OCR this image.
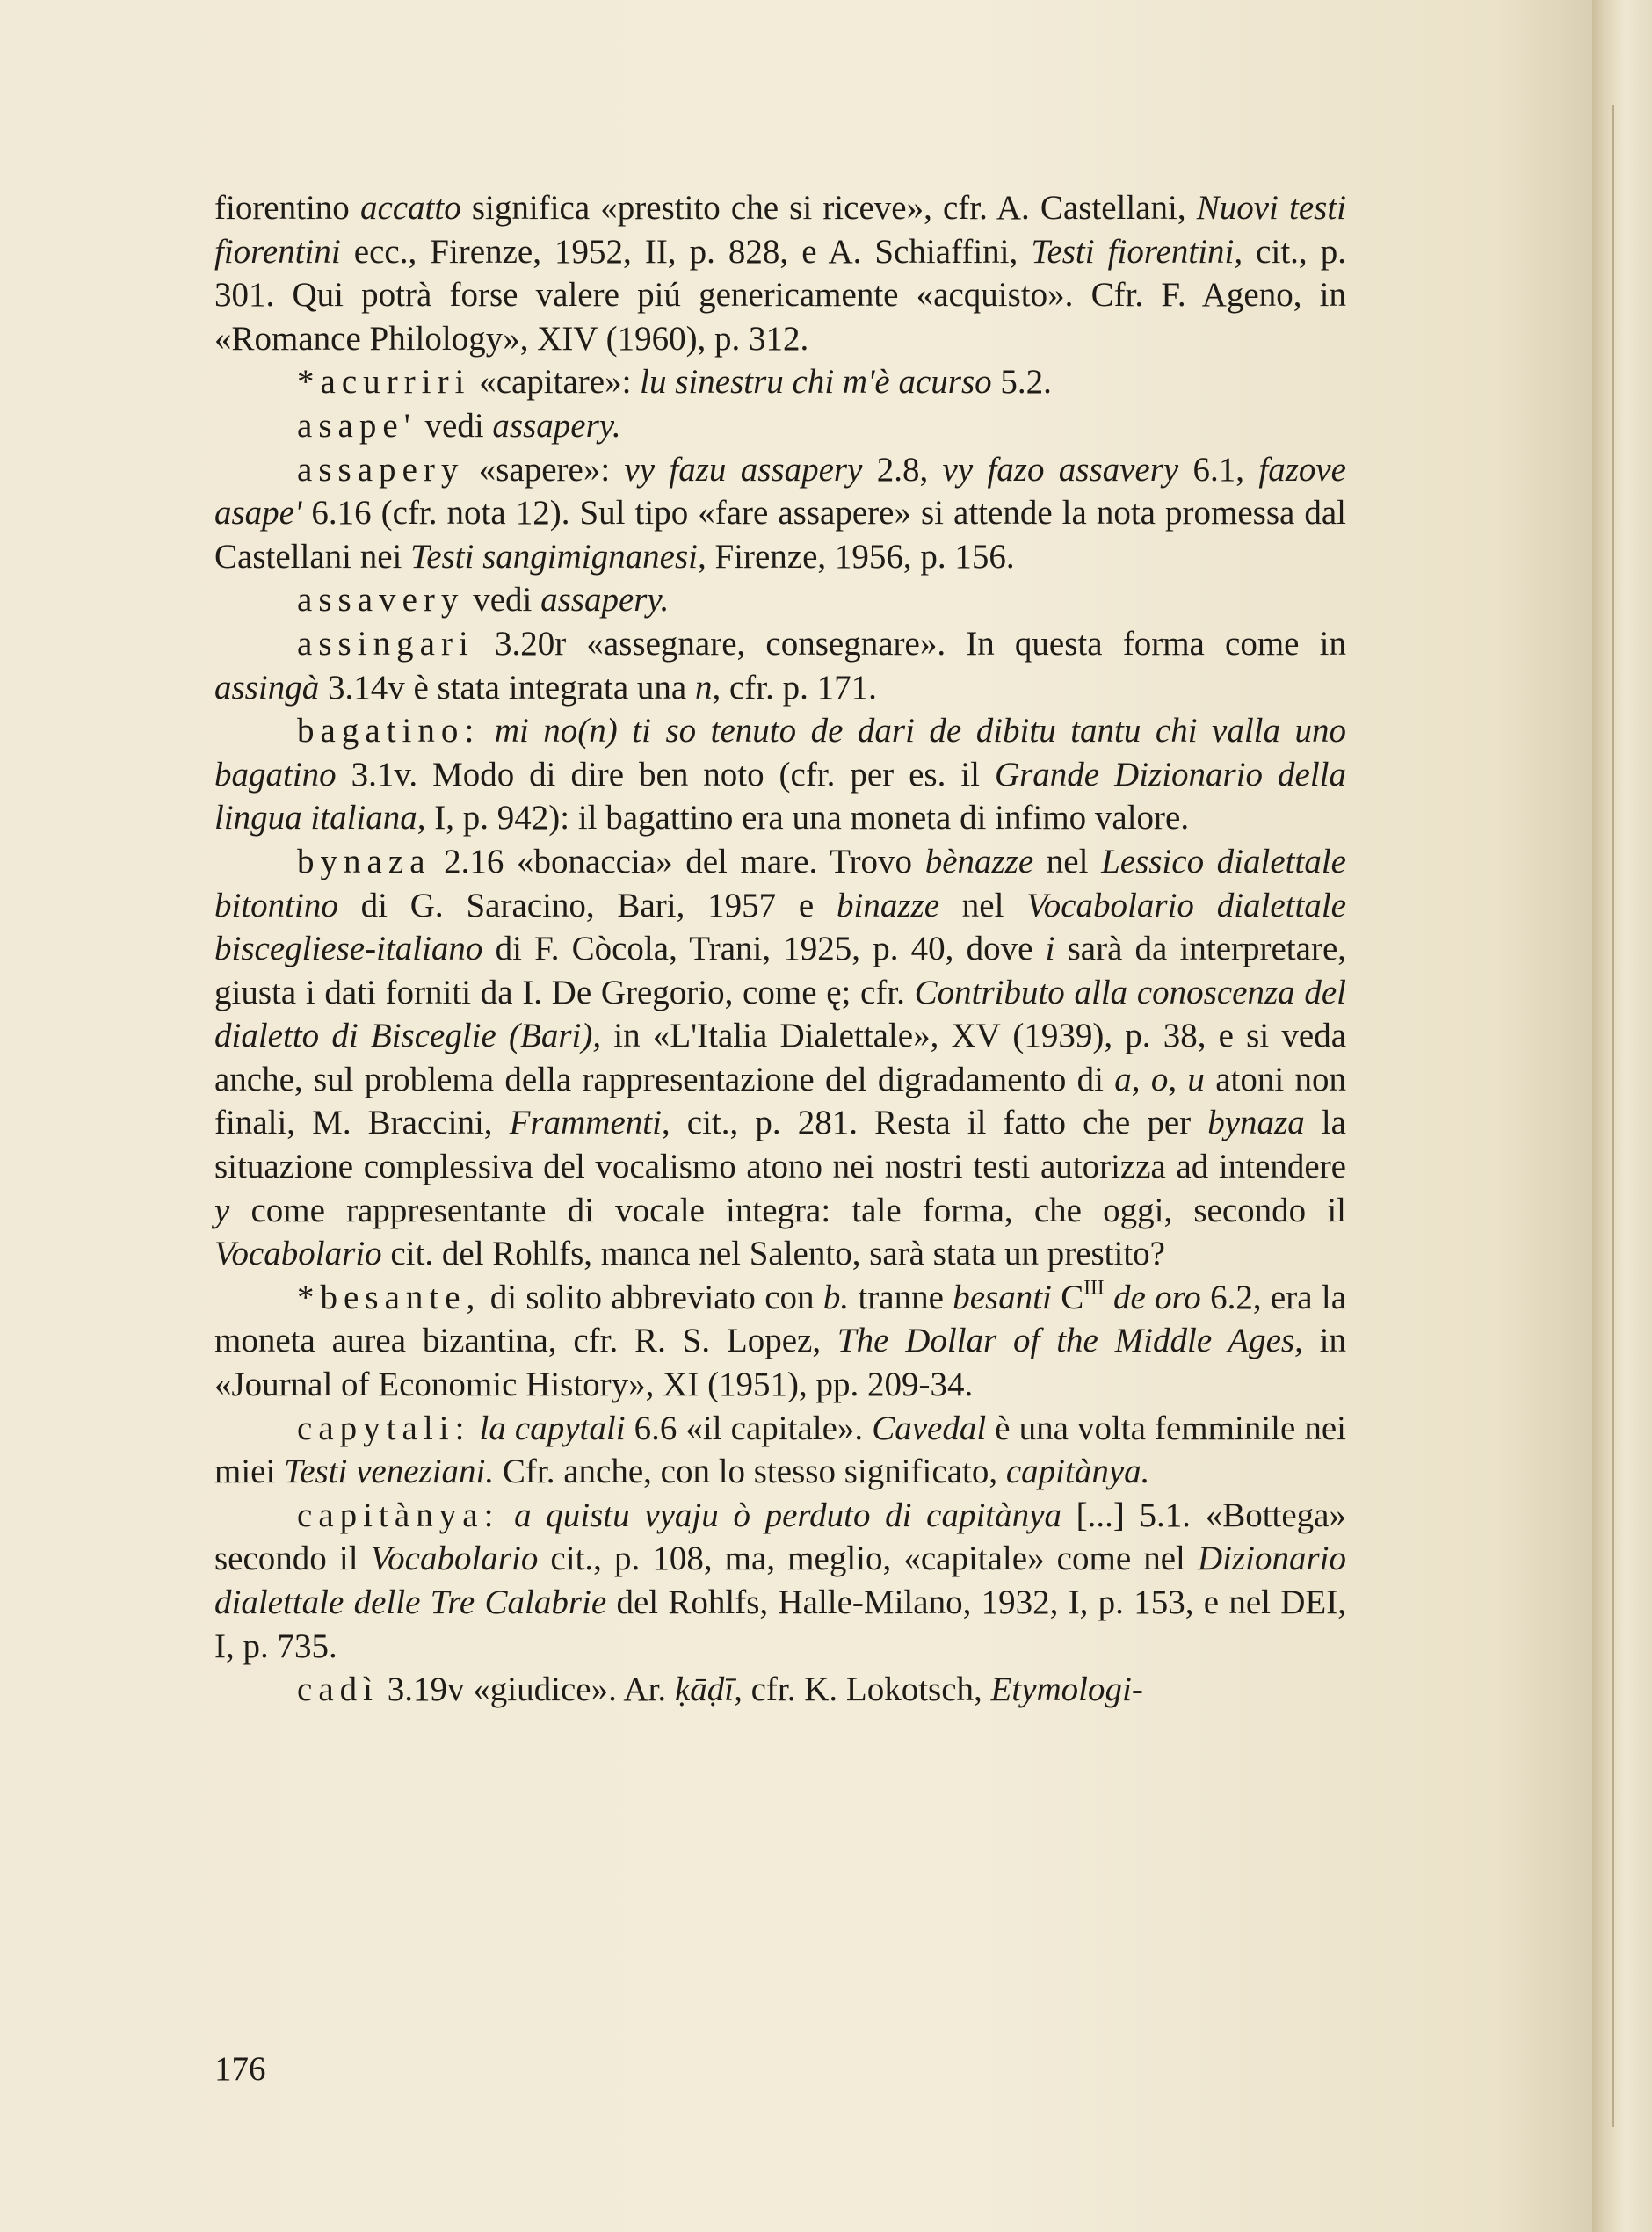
fiorentino accatto significa «prestito che si riceve», cfr. A. Castellani, Nuovi testi fiorentini ecc., Firenze, 1952, II, p. 828, e A. Schiaffini, Testi fiorentini, cit., p. 301. Qui potrà forse valere piú genericamente «acquisto». Cfr. F. Ageno, in «Romance Philology», XIV (1960), p. 312.

*acurriri «capitare»: lu sinestru chi m'è acurso 5.2.

asape' vedi assapery.

assapery «sapere»: vy fazu assapery 2.8, vy fazo assavery 6.1, fazove asape' 6.16 (cfr. nota 12). Sul tipo «fare assapere» si attende la nota promessa dal Castellani nei Testi sangimignanesi, Firenze, 1956, p. 156.

assavery vedi assapery.

assingari 3.20r «assegnare, consegnare». In questa forma come in assingà 3.14v è stata integrata una n, cfr. p. 171.

bagatino: mi no(n) ti so tenuto de dari de dibitu tantu chi valla uno bagatino 3.1v. Modo di dire ben noto (cfr. per es. il Grande Dizionario della lingua italiana, I, p. 942): il bagattino era una moneta di infimo valore.

bynaza 2.16 «bonaccia» del mare. Trovo bènazze nel Lessico dialettale bitontino di G. Saracino, Bari, 1957 e binazze nel Vocabolario dialettale biscegliese-italiano di F. Còcola, Trani, 1925, p. 40, dove i sarà da interpretare, giusta i dati forniti da I. De Gregorio, come ę; cfr. Contributo alla conoscenza del dialetto di Bisceglie (Bari), in «L'Italia Dialettale», XV (1939), p. 38, e si veda anche, sul problema della rappresentazione del digradamento di a, o, u atoni non finali, M. Braccini, Frammenti, cit., p. 281. Resta il fatto che per bynaza la situazione complessiva del vocalismo atono nei nostri testi autorizza ad intendere y come rappresentante di vocale integra: tale forma, che oggi, secondo il Vocabolario cit. del Rohlfs, manca nel Salento, sarà stata un prestito?

*besante, di solito abbreviato con b. tranne besanti $C^{III}$ de oro 6.2, era la moneta aurea bizantina, cfr. R. S. Lopez, The Dollar of the Middle Ages, in «Journal of Economic History», XI (1951), pp. 209-34.

capytali: la capytali 6.6 «il capitale». Cavedal è una volta femminile nei miei Testi veneziani. Cfr. anche, con lo stesso significato, capitànya.

capitànya: a quistu vyaju ò perduto di capitànya [...] 5.1. «Bottega» secondo il Vocabolario cit., p. 108, ma, meglio, «capitale» come nel Dizionario dialettale delle Tre Calabrie del Rohlfs, Halle-Milano, 1932, I, p. 153, e nel DEI, I, p. 735.

cadì 3.19v «giudice». Ar. ḳāḍī, cfr. K. Lokotsch, Etymologi-

176
